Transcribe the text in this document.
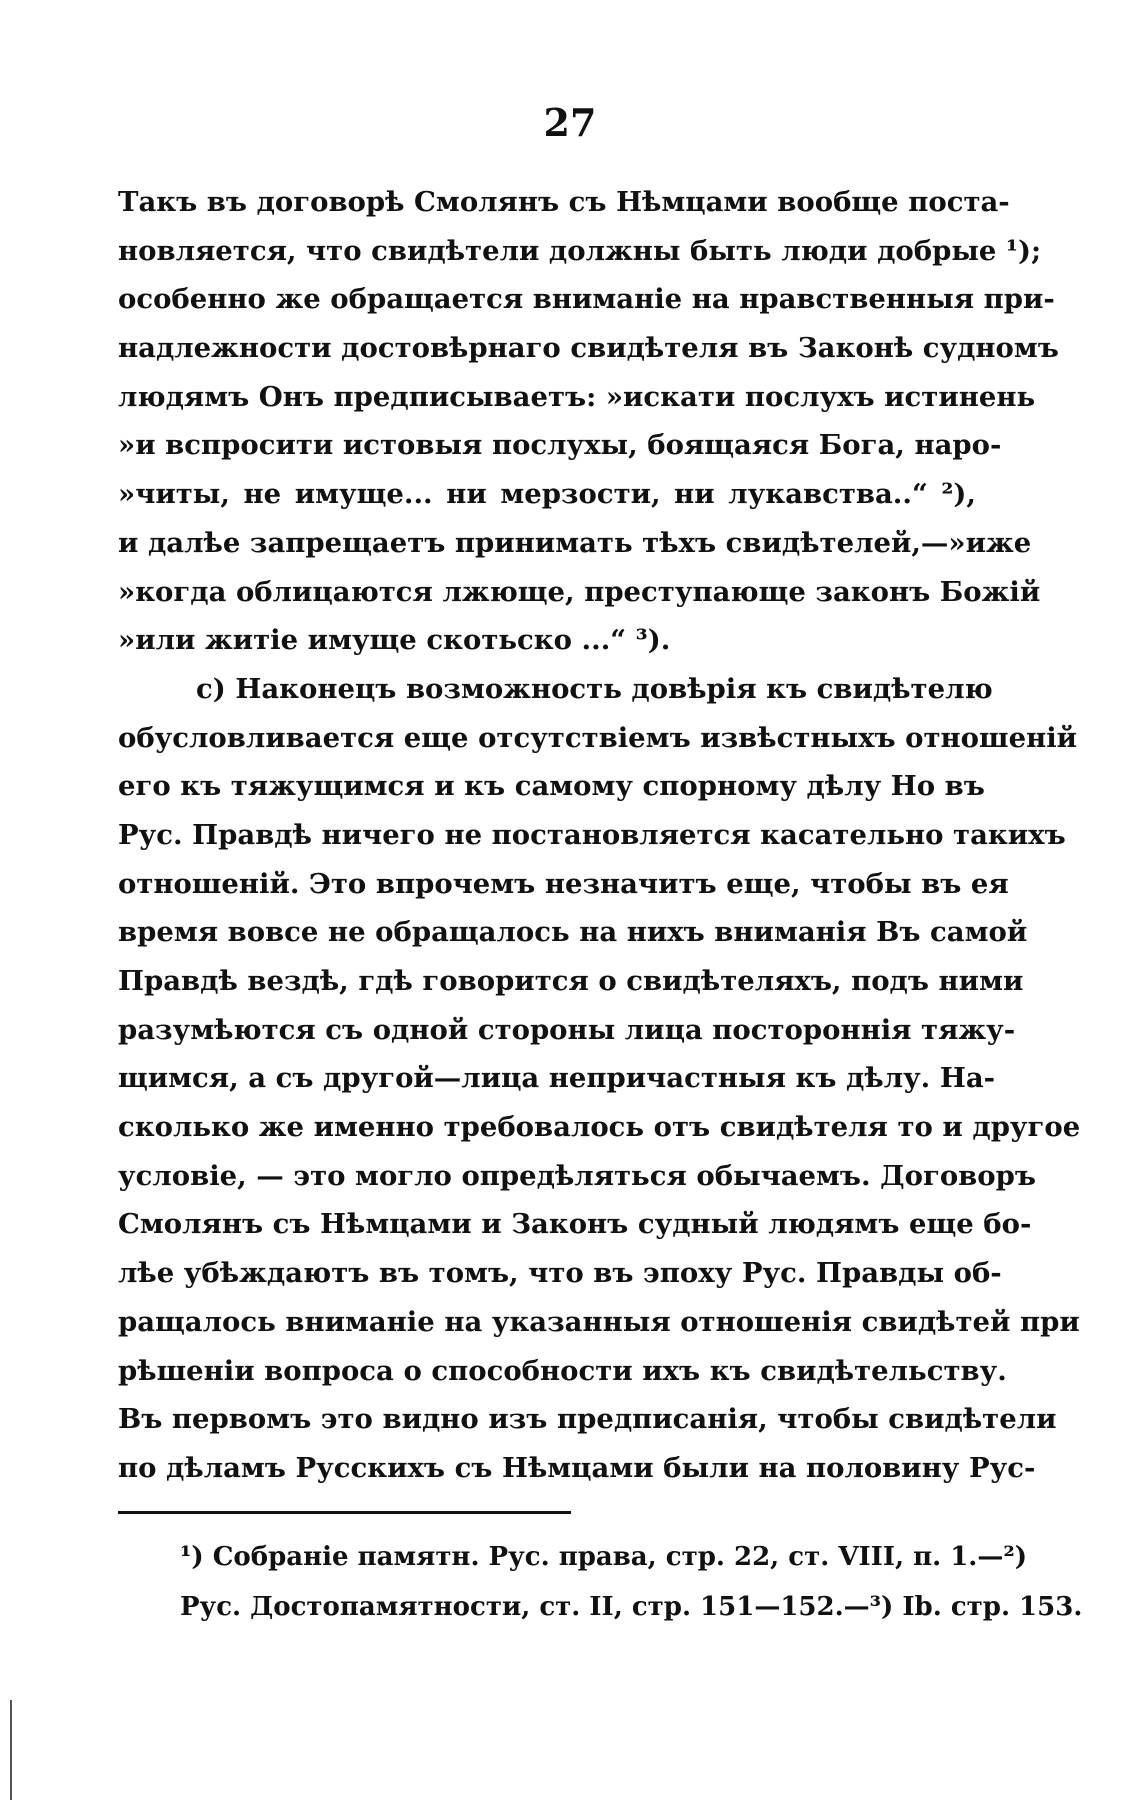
27
Такъ въ договорѣ Смолянъ съ Нѣмцами вообще поста-
новляется, что свидѣтели должны быть люди добрые ¹);
особенно же обращается вниманіе на нравственныя при-
надлежности достовѣрнаго свидѣтеля въ Законѣ судномъ
людямъ Онъ предписываетъ: »искати послухъ истинень
»и вспросити истовыя послухы, боящаяся Бога, наро-
»читы, не имуще... ни мерзости, ни лукавства..“ ²),
и далѣе запрещаетъ принимать тѣхъ свидѣтелей,—»иже
»когда облицаются лжюще, преступающе законъ Божій
»или житіе имуще скотьско ...“ ³).
c) Наконецъ возможность довѣрія къ свидѣтелю
обусловливается еще отсутствіемъ извѣстныхъ отношеній
его къ тяжущимся и къ самому спорному дѣлу Но въ
Рус. Правдѣ ничего не постановляется касательно такихъ
отношеній. Это впрочемъ незначитъ еще, чтобы въ ея
время вовсе не обращалось на нихъ вниманія Въ самой
Правдѣ вездѣ, гдѣ говорится о свидѣтеляхъ, подъ ними
разумѣются съ одной стороны лица постороннія тяжу-
щимся, а съ другой—лица непричастныя къ дѣлу. На-
сколько же именно требовалось отъ свидѣтеля то и другое
условіе, — это могло опредѣляться обычаемъ. Договоръ
Смолянъ съ Нѣмцами и Законъ судный людямъ еще бо-
лѣе убѣждаютъ въ томъ, что въ эпоху Рус. Правды об-
ращалось вниманіе на указанныя отношенія свидѣтей при
рѣшеніи вопроса о способности ихъ къ свидѣтельству.
Въ первомъ это видно изъ предписанія, чтобы свидѣтели
по дѣламъ Русскихъ съ Нѣмцами были на половину Рус-
¹) Собраніе памятн. Рус. права, стр. 22, ст. VIII, п. 1.—²)
Рус. Достопамятности, ст. II, стр. 151—152.—³) Ib. стр. 153.
